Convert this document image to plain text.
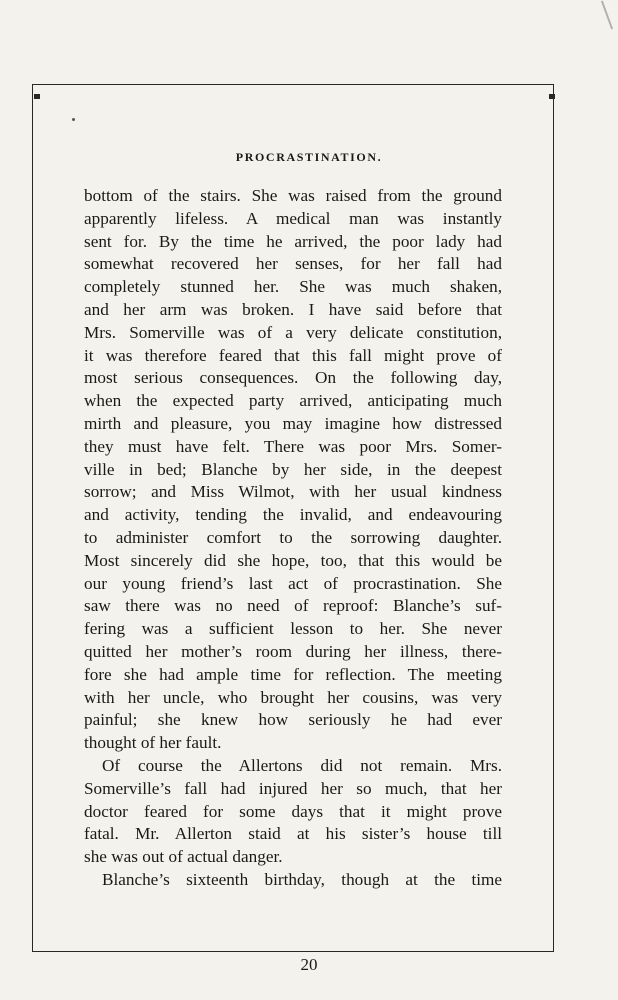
PROCRASTINATION.
bottom of the stairs. She was raised from the ground
apparently lifeless. A medical man was instantly
sent for. By the time he arrived, the poor lady had
somewhat recovered her senses, for her fall had
completely stunned her. She was much shaken,
and her arm was broken. I have said before that
Mrs. Somerville was of a very delicate constitution,
it was therefore feared that this fall might prove of
most serious consequences. On the following day,
when the expected party arrived, anticipating much
mirth and pleasure, you may imagine how distressed
they must have felt. There was poor Mrs. Somer-
ville in bed; Blanche by her side, in the deepest
sorrow; and Miss Wilmot, with her usual kindness
and activity, tending the invalid, and endeavouring
to administer comfort to the sorrowing daughter.
Most sincerely did she hope, too, that this would be
our young friend’s last act of procrastination. She
saw there was no need of reproof: Blanche’s suf-
fering was a sufficient lesson to her. She never
quitted her mother’s room during her illness, there-
fore she had ample time for reflection. The meeting
with her uncle, who brought her cousins, was very
painful; she knew how seriously he had ever
thought of her fault.
Of course the Allertons did not remain. Mrs.
Somerville’s fall had injured her so much, that her
doctor feared for some days that it might prove
fatal. Mr. Allerton staid at his sister’s house till
she was out of actual danger.
Blanche’s sixteenth birthday, though at the time
20
